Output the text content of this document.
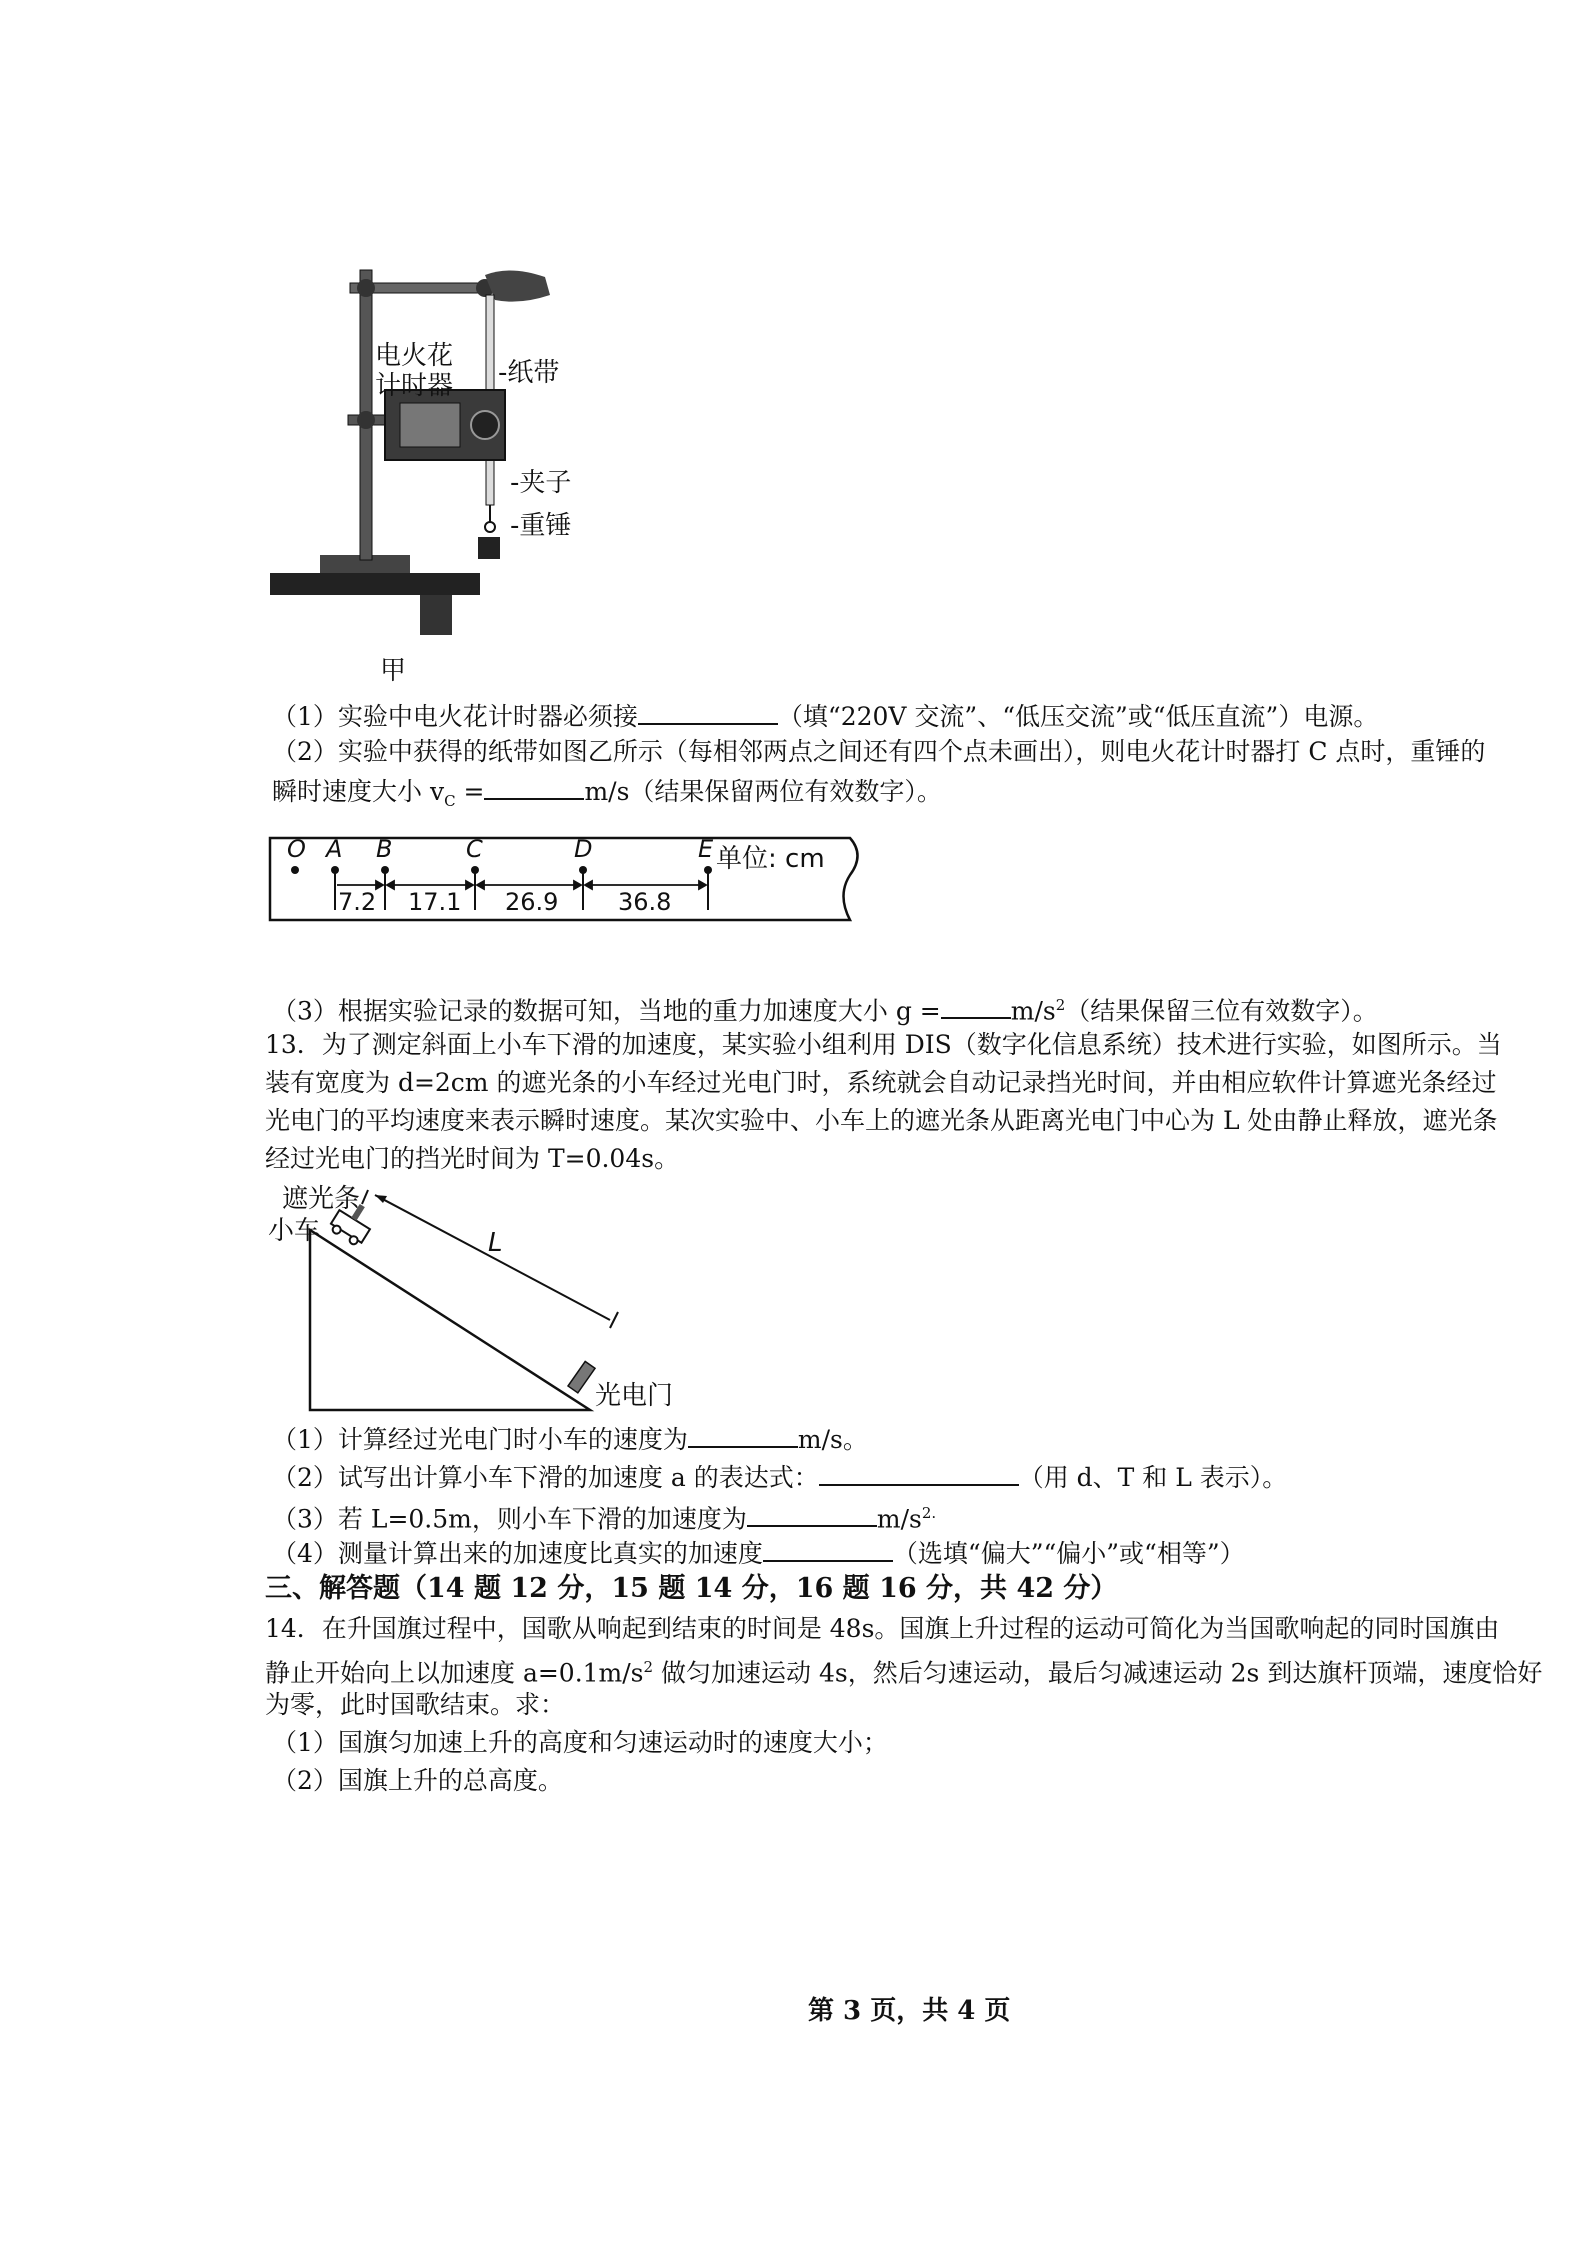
电火花
计时器 -纸带
-夹子
-重锤
甲
（1）实验中电火花计时器必须接	（填“220V 交流”、“低压交流”或“低压直流”）电源。
（2）实验中获得的纸带如图乙所示（每相邻两点之间还有四个点未画出），则电火花计时器打 C 点时，重锤的
瞬时速度大小 $v_C$ =	m/s（结果保留两位有效数字）。
O A B	C	D	E 单位: cm
7.2 17.1 26.9 36.8
（3）根据实验记录的数据可知，当地的重力加速度大小 g =	$m/s^2$（结果保留三位有效数字）。
13．为了测定斜面上小车下滑的加速度，某实验小组利用 DIS（数字化信息系统）技术进行实验，如图所示。当
装有宽度为 d=2cm 的遮光条的小车经过光电门时，系统就会自动记录挡光时间，并由相应软件计算遮光条经过
光电门的平均速度来表示瞬时速度。某次实验中、小车上的遮光条从距离光电门中心为 L 处由静止释放，遮光条
经过光电门的挡光时间为 T=0.04s。
遮光条
小车	L
光电门
（1）计算经过光电门时小车的速度为	m/s。
（2）试写出计算小车下滑的加速度 a 的表达式：	（用 d、T 和 L 表示）。
（3）若 L=0.5m，则小车下滑的加速度为	$m/s^{2.}$
（4）测量计算出来的加速度比真实的加速度	（选填“偏大”“偏小”或“相等”）
三、解答题（14 题 12 分，15 题 14 分，16 题 16 分，共 42 分）
14．在升国旗过程中，国歌从响起到结束的时间是 48s。国旗上升过程的运动可简化为当国歌响起的同时国旗由
静止开始向上以加速度 $a=0.1m/s^2$ 做匀加速运动 4s，然后匀速运动，最后匀减速运动 2s 到达旗杆顶端，速度恰好
为零，此时国歌结束。求：
（1）国旗匀加速上升的高度和匀速运动时的速度大小；
（2）国旗上升的总高度。
第 3 页，共 4 页
